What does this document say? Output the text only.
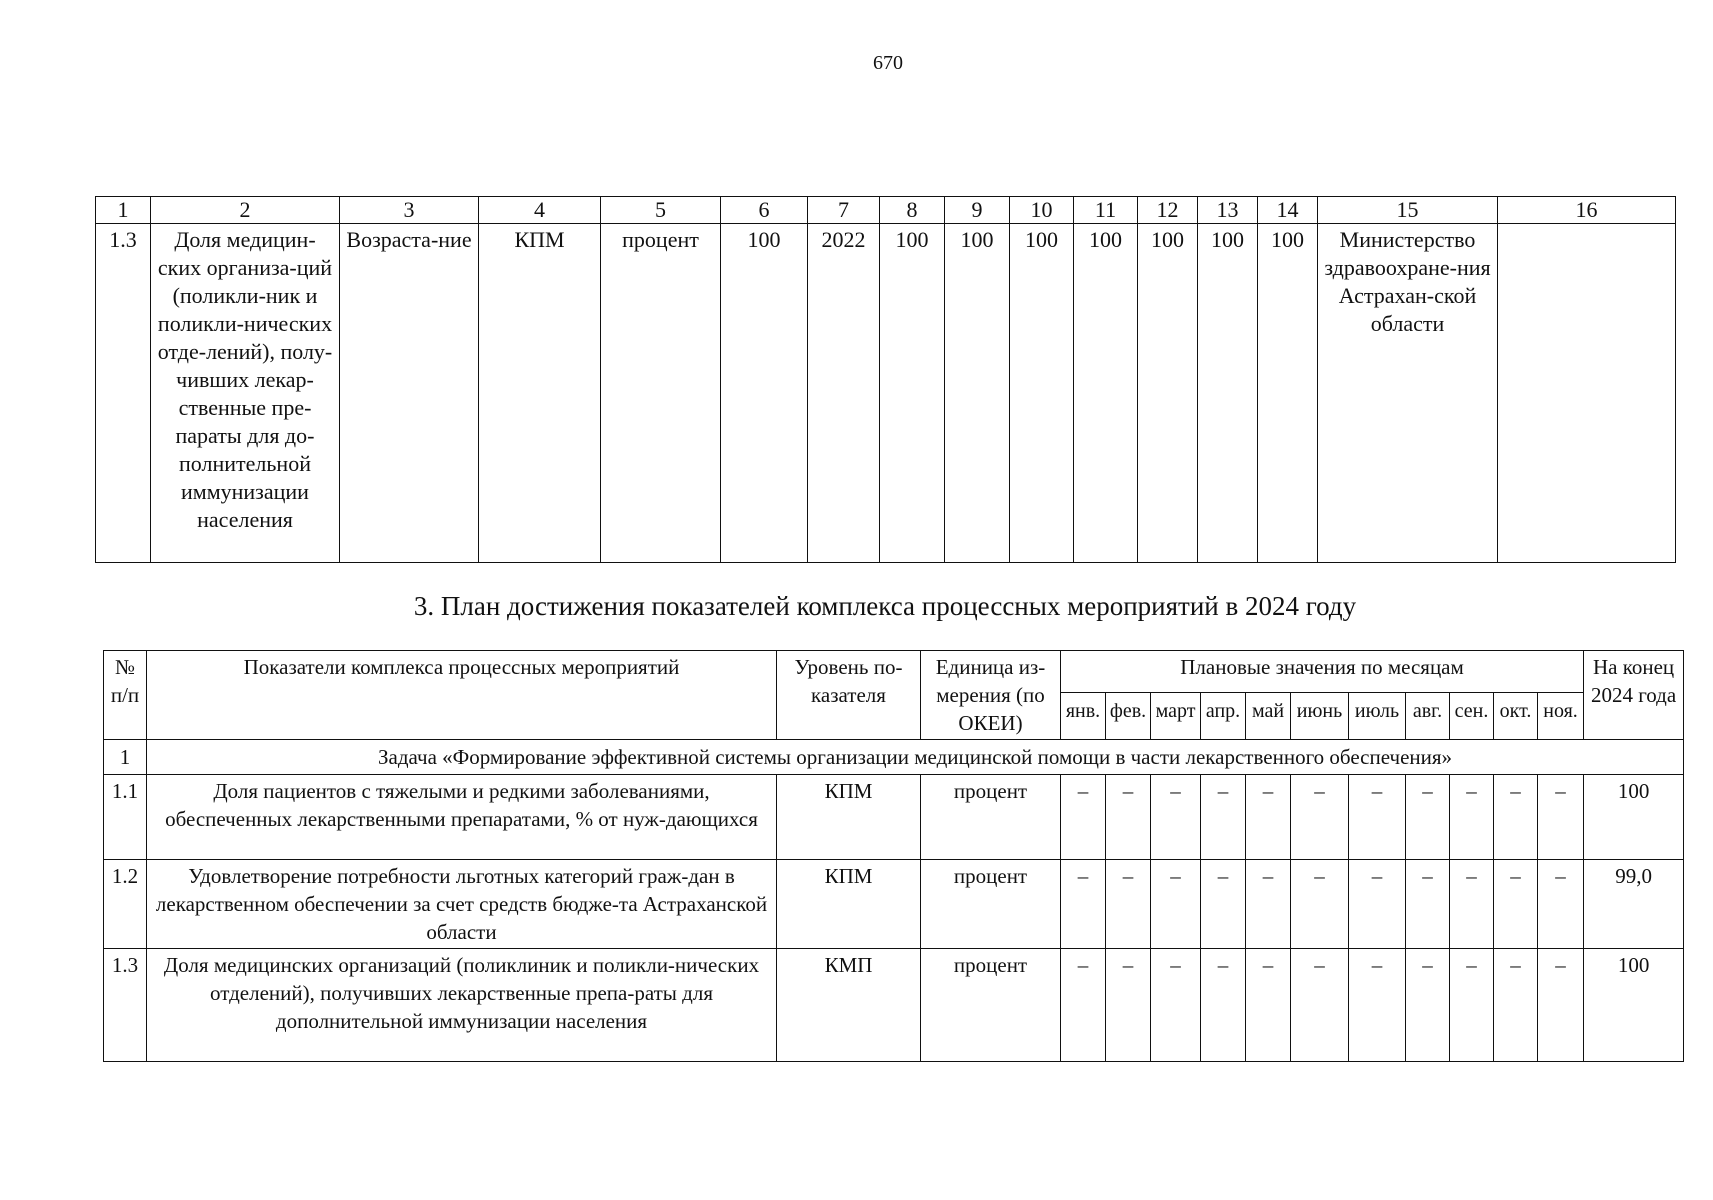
670
1	2	3	4	5	6	7	8	9	10	11	12	13	14	15	16
1.3	Доля медицин-ских организа-ций (поликли-ник и поликли-нических отде-лений), полу-чивших лекар-ственные пре-параты для до-полнительной иммунизации населения	Возраста-ние	КПМ	процент	100	2022	100	100	100	100	100	100	100	Министерство здравоохране-ния Астрахан-ской области	
3. План достижения показателей комплекса процессных мероприятий в 2024 году
№ п/п	Показатели комплекса процессных мероприятий	Уровень по-казателя	Единица из-мерения (по ОКЕИ)	Плановые значения по месяцам											На конец 2024 года
				янв.	фев.	март	апр.	май	июнь	июль	авг.	сен.	окт.	ноя.	
1	Задача «Формирование эффективной системы организации медицинской помощи в части лекарственного обеспечения»														
1.1	Доля пациентов с тяжелыми и редкими заболеваниями, обеспеченных лекарственными препаратами, % от нуж-дающихся	КПМ	процент	–	–	–	–	–	–	–	–	–	–	–	100
1.2	Удовлетворение потребности льготных категорий граж-дан в лекарственном обеспечении за счет средств бюдже-та Астраханской области	КПМ	процент	–	–	–	–	–	–	–	–	–	–	–	99,0
1.3	Доля медицинских организаций (поликлиник и поликли-нических отделений), получивших лекарственные препа-раты для дополнительной иммунизации населения	КМП	процент	–	–	–	–	–	–	–	–	–	–	–	100
